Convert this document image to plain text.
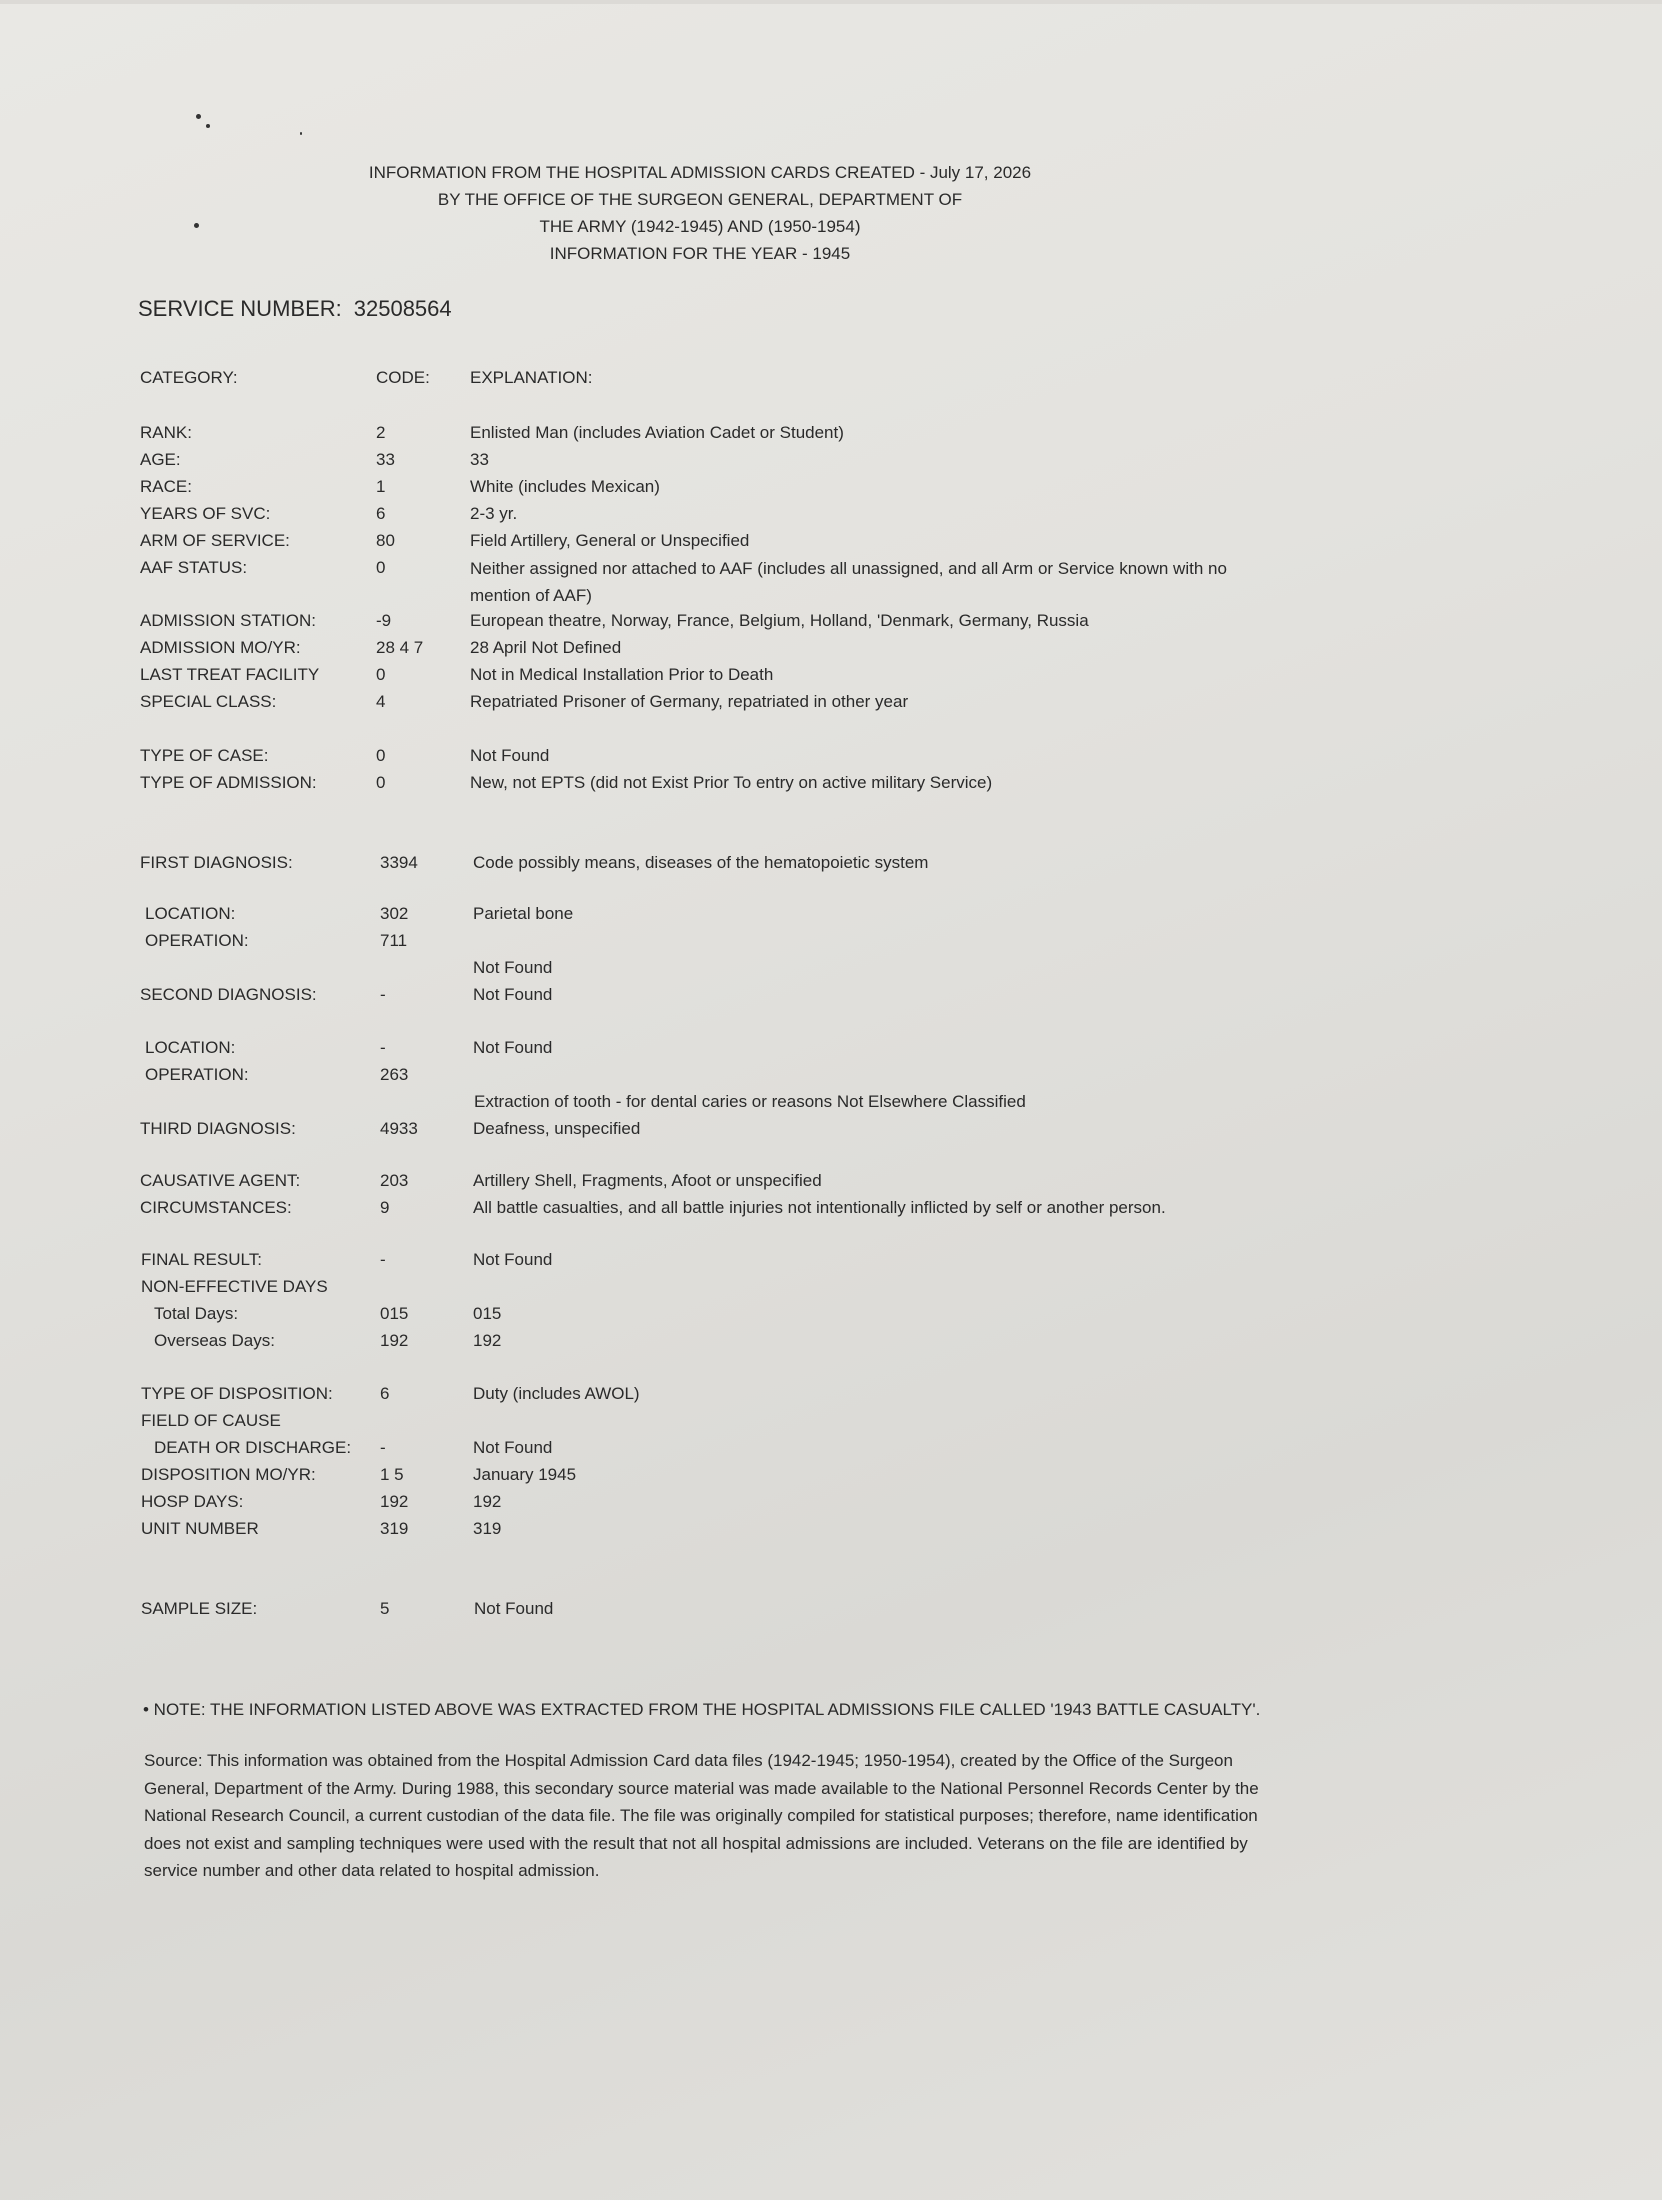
INFORMATION FROM THE HOSPITAL ADMISSION CARDS CREATED - July 17, 2026
BY THE OFFICE OF THE SURGEON GENERAL, DEPARTMENT OF
THE ARMY (1942-1945) AND (1950-1954)
INFORMATION FOR THE YEAR - 1945
SERVICE NUMBER: 32508564
CATEGORY:	CODE: EXPLANATION:
RANK:	2	Enlisted Man (includes Aviation Cadet or Student)
AGE:	33	33
RACE:	1	White (includes Mexican)
YEARS OF SVC:	6	2-3 yr.
ARM OF SERVICE:	80	Field Artillery, General or Unspecified
AAF STATUS:	0	Neither assigned nor attached to AAF (includes all unassigned, and all Arm or Service known with no mention of AAF)
ADMISSION STATION:	-9	European theatre, Norway, France, Belgium, Holland, 'Denmark, Germany, Russia
ADMISSION MO/YR:	28 4 7	28 April Not Defined
LAST TREAT FACILITY	0	Not in Medical Installation Prior to Death
SPECIAL CLASS:	4	Repatriated Prisoner of Germany, repatriated in other year
TYPE OF CASE:	0	Not Found
TYPE OF ADMISSION:	0	New, not EPTS (did not Exist Prior To entry on active military Service)
FIRST DIAGNOSIS:	3394	Code possibly means, diseases of the hematopoietic system
LOCATION:	302	Parietal bone
OPERATION:	711
Not Found
SECOND DIAGNOSIS:	-	Not Found
LOCATION:	-	Not Found
OPERATION:	263
Extraction of tooth - for dental caries or reasons Not Elsewhere Classified
THIRD DIAGNOSIS:	4933	Deafness, unspecified
CAUSATIVE AGENT:	203	Artillery Shell, Fragments, Afoot or unspecified
CIRCUMSTANCES:	9	All battle casualties, and all battle injuries not intentionally inflicted by self or another person.
FINAL RESULT:	-	Not Found
NON-EFFECTIVE DAYS
Total Days:	015	015
Overseas Days:	192	192
TYPE OF DISPOSITION:	6	Duty (includes AWOL)
FIELD OF CAUSE
DEATH OR DISCHARGE: -	Not Found
DISPOSITION MO/YR:	1 5	January 1945
HOSP DAYS:	192	192
UNIT NUMBER	319	319
SAMPLE SIZE:	5	Not Found
• NOTE: THE INFORMATION LISTED ABOVE WAS EXTRACTED FROM THE HOSPITAL ADMISSIONS FILE CALLED '1943 BATTLE CASUALTY'.
Source: This information was obtained from the Hospital Admission Card data files (1942-1945; 1950-1954), created by the Office of the Surgeon General, Department of the Army. During 1988, this secondary source material was made available to the National Personnel Records Center by the National Research Council, a current custodian of the data file. The file was originally compiled for statistical purposes; therefore, name identification does not exist and sampling techniques were used with the result that not all hospital admissions are included. Veterans on the file are identified by service number and other data related to hospital admission.
